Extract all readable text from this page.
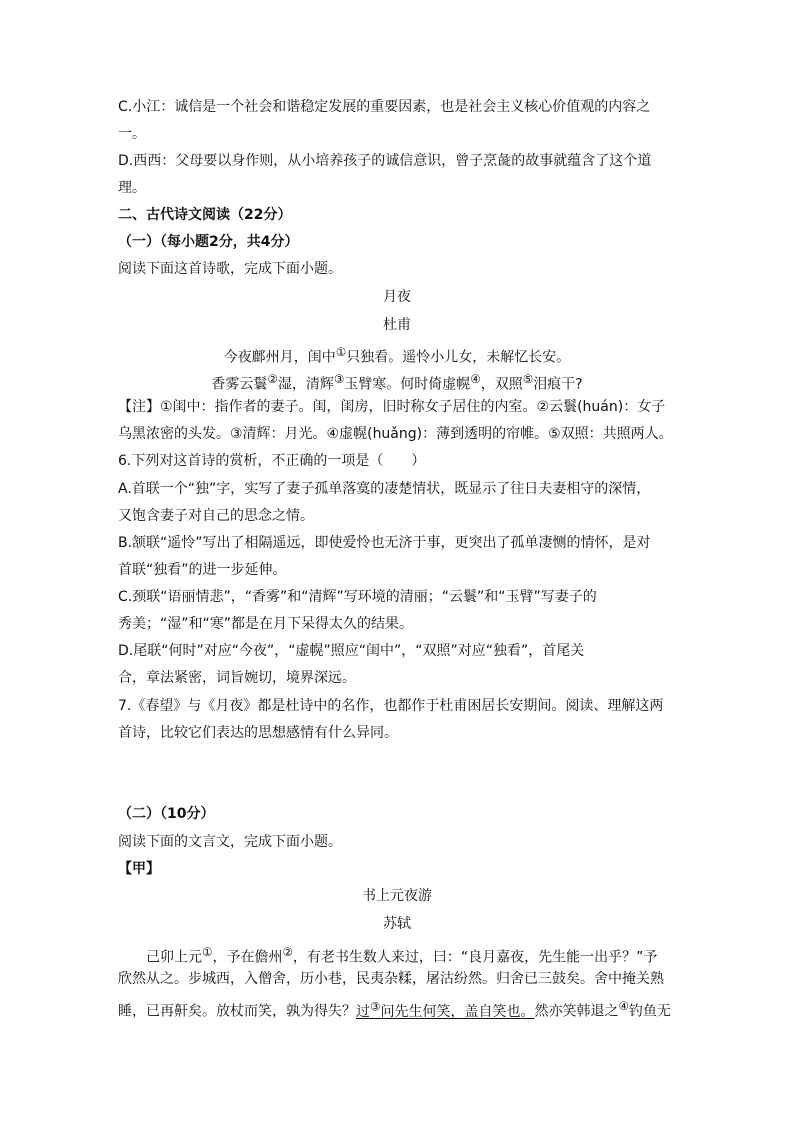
C.小江：诚信是一个社会和谐稳定发展的重要因素，也是社会主义核心价值观的内容之
一。
D.西西：父母要以身作则，从小培养孩子的诚信意识，曾子烹彘的故事就蕴含了这个道
理。
二、古代诗文阅读（22分）
（一）（每小题2分，共4分）
阅读下面这首诗歌，完成下面小题。
月夜
杜甫
今夜鄜州月，闺中①只独看。遥怜小儿女，未解忆长安。
香雾云鬟②湿，清辉③玉臂寒。何时倚虚幌④，双照⑤泪痕干?
【注】①闺中：指作者的妻子。闺，闺房，旧时称女子居住的内室。②云鬟(huán)：女子
乌黑浓密的头发。③清辉：月光。④虚幌(huǎng)：薄到透明的帘帷。⑤双照：共照两人。
6.下列对这首诗的赏析，不正确的一项是（　　）
A.首联一个“独”字，实写了妻子孤单落寞的凄楚情状，既显示了往日夫妻相守的深情，
又饱含妻子对自己的思念之情。
B.颔联“遥怜”写出了相隔遥远，即使爱怜也无济于事，更突出了孤单凄恻的情怀，是对
首联“独看”的进一步延伸。
C.颈联“语丽情悲”，“香雾”和“清辉”写环境的清丽；“云鬟”和“玉臂”写妻子的
秀美；“湿”和“寒”都是在月下呆得太久的结果。
D.尾联“何时”对应“今夜”，“虚幌”照应“闺中”，“双照”对应“独看”，首尾关
合，章法紧密，词旨婉切，境界深远。
7.《春望》与《月夜》都是杜诗中的名作，也都作于杜甫困居长安期间。阅读、理解这两
首诗，比较它们表达的思想感情有什么异同。
（二）（10分）
阅读下面的文言文，完成下面小题。
【甲】
书上元夜游
苏轼
己卯上元①，予在儋州②，有老书生数人来过，曰：“良月嘉夜，先生能一出乎？”予
欣然从之。步城西，入僧舍，历小巷，民夷杂糅，屠沽纷然。归舍已三鼓矣。舍中掩关熟
睡，已再鼾矣。放杖而笑，孰为得失？过③问先生何笑，盖自笑也。然亦笑韩退之④钓鱼无
